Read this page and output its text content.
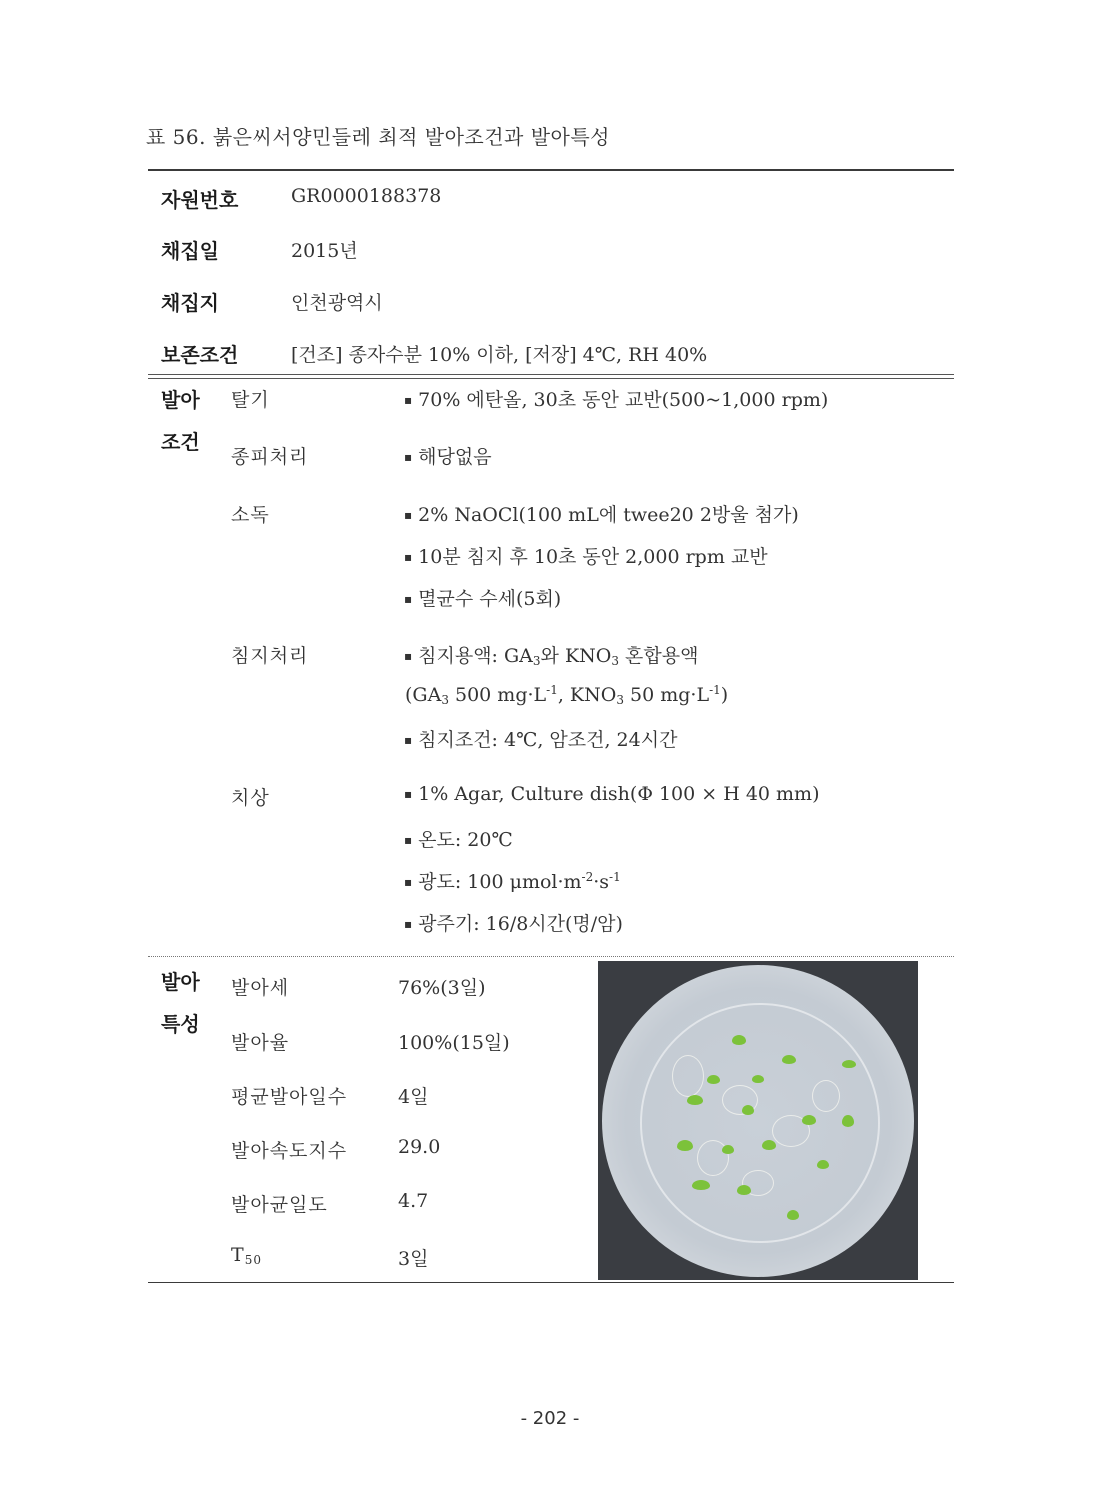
표 56. 붉은씨서양민들레 최적 발아조건과 발아특성
자원번호	GR0000188378
채집일	2015년
채집지	인천광역시
보존조건	[건조] 종자수분 10% 이하, [저장] 4℃, RH 40%
발아
조건
탈기	▪ 70% 에탄올, 30초 동안 교반(500~1,000 rpm)
종피처리	▪ 해당없음
소독	▪ 2% NaOCl(100 mL에 twee20 2방울 첨가)
▪ 10분 침지 후 10초 동안 2,000 rpm 교반
▪ 멸균수 수세(5회)
침지처리	▪ 침지용액: $GA_3$와 $KNO_3$ 혼합용액
($GA_3$ 500 $mg\cdot L^{-1}$, $KNO_3$ 50 $mg\cdot L^{-1}$)
▪ 침지조건: 4℃, 암조건, 24시간
치상	▪ 1% Agar, Culture dish(Φ 100 × H 40 mm)
▪ 온도: 20℃
▪ 광도: 100 $\mu mol\cdot m^{-2}\cdot s^{-1}$
▪ 광주기: 16/8시간(명/암)
발아
특성
발아세	76%(3일)
발아율	100%(15일)
평균발아일수	4일
발아속도지수	29.0
발아균일도	4.7
$T_{50}$	3일
- 202 -
